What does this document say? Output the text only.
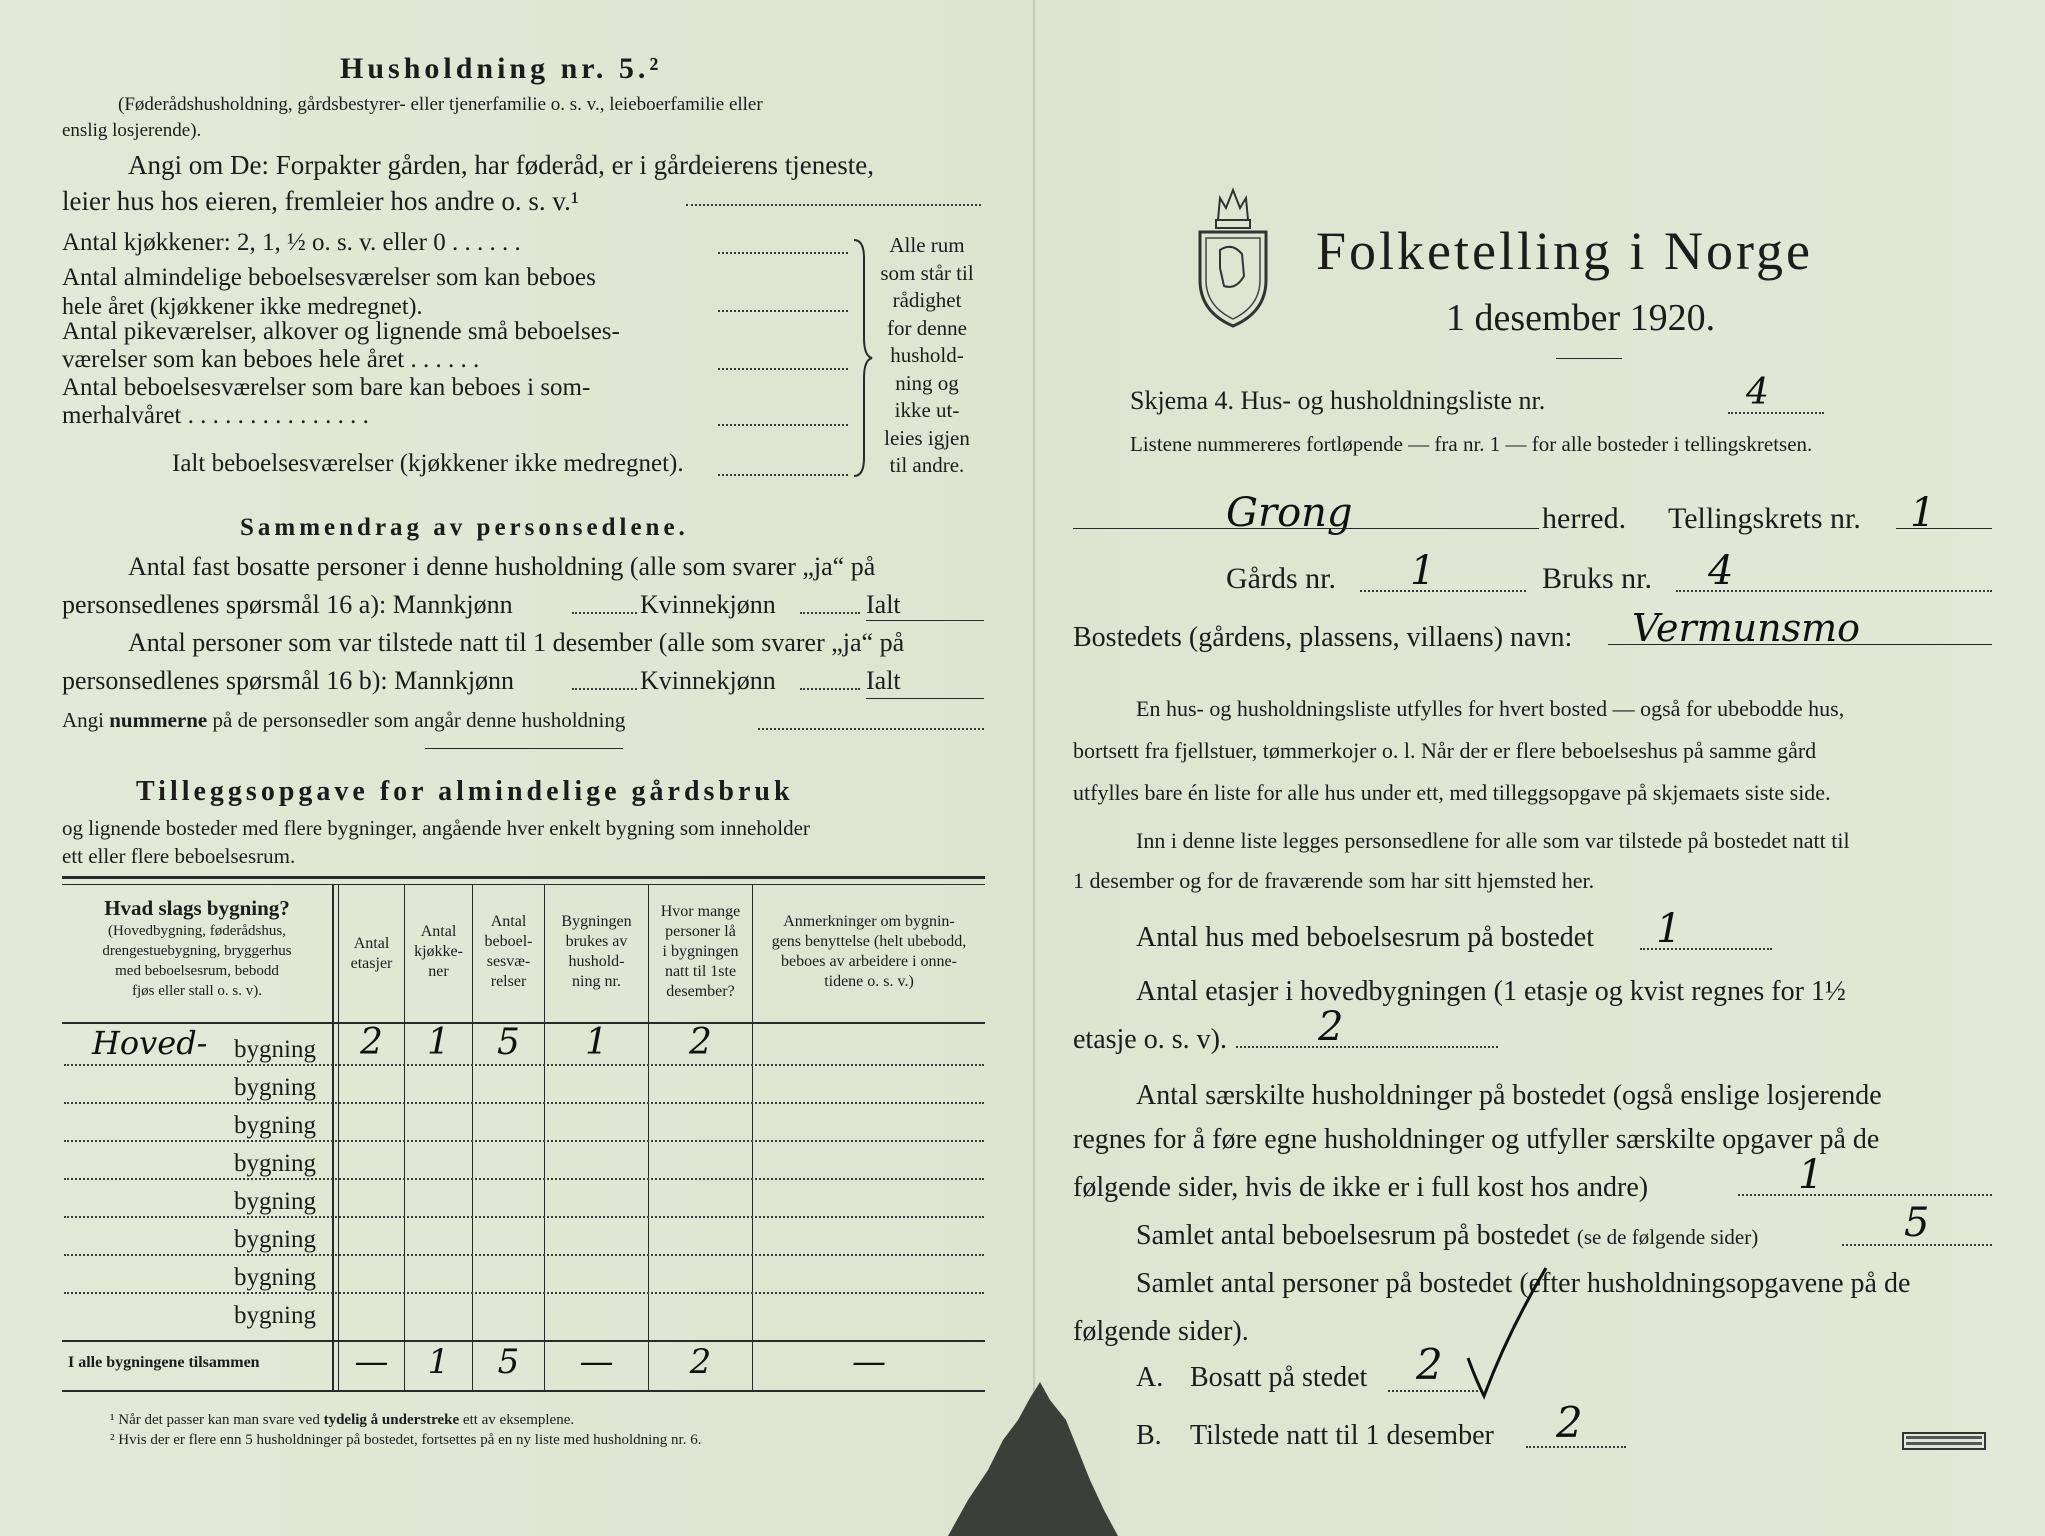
Husholdning nr. 5.²
(Føderådshusholdning, gårdsbestyrer- eller tjenerfamilie o. s. v., leieboerfamilie eller
enslig losjerende).
Angi om De: Forpakter gården, har føderåd, er i gårdeierens tjeneste,
leier hus hos eieren, fremleier hos andre o. s. v.¹
Antal kjøkkener: 2, 1, ½ o. s. v. eller 0 . . . . . .
Antal almindelige beboelsesværelser som kan beboes
hele året (kjøkkener ikke medregnet).
Antal pikeværelser, alkover og lignende små beboelses-
værelser som kan beboes hele året . . . . . .
Antal beboelsesværelser som bare kan beboes i som-
merhalvåret . . . . . . . . . . . . . . .
Ialt beboelsesværelser (kjøkkener ikke medregnet).
Alle rum
som står til
rådighet
for denne
hushold-
ning og
ikke ut-
leies igjen
til andre.
Sammendrag av personsedlene.
Antal fast bosatte personer i denne husholdning (alle som svarer „ja“ på
personsedlenes spørsmål 16 a): Mannkjønn	Kvinnekjønn	Ialt
Antal personer som var tilstede natt til 1 desember (alle som svarer „ja“ på
personsedlenes spørsmål 16 b): Mannkjønn	Kvinnekjønn	Ialt
Angi nummerne på de personsedler som angår denne husholdning
Tilleggsopgave for almindelige gårdsbruk
og lignende bosteder med flere bygninger, angående hver enkelt bygning som inneholder
ett eller flere beboelsesrum.
Hvad slags bygning?
(Hovedbygning, føderådshus,
drengestuebygning, bryggerhus
med beboelsesrum, bebodd
fjøs eller stall o. s. v).
Antal
etasjer
Antal
kjøkke-
ner
Antal
beboel-
sesvæ-
relser
Bygningen
brukes av
hushold-
ning nr.
Hvor mange
personer lå
i bygningen
natt til 1ste
desember?
Anmerkninger om bygnin-
gens benyttelse (helt ubebodd,
beboes av arbeidere i onne-
tidene o. s. v.)
Hoved- bygning	2	1	5	1	2
bygning
bygning
bygning
bygning
bygning
bygning
bygning
I alle bygningene tilsammen	—	1	5	—	2	—
¹ Når det passer kan man svare ved tydelig å understreke ett av eksemplene.
² Hvis der er flere enn 5 husholdninger på bostedet, fortsettes på en ny liste med husholdning nr. 6.
Folketelling i Norge
1 desember 1920.
Skjema 4. Hus- og husholdningsliste nr.	4
Listene nummereres fortløpende — fra nr. 1 — for alle bosteder i tellingskretsen.
Grong	herred. Tellingskrets nr. 1
Gårds nr. 1	Bruks nr. 4
Bostedets (gårdens, plassens, villaens) navn: Vermunsmo
En hus- og husholdningsliste utfylles for hvert bosted — også for ubebodde hus,
bortsett fra fjellstuer, tømmerkojer o. l. Når der er flere beboelseshus på samme gård
utfylles bare én liste for alle hus under ett, med tilleggsopgave på skjemaets siste side.
Inn i denne liste legges personsedlene for alle som var tilstede på bostedet natt til
1 desember og for de fraværende som har sitt hjemsted her.
Antal hus med beboelsesrum på bostedet 1
Antal etasjer i hovedbygningen (1 etasje og kvist regnes for 1½
etasje o. s. v). 2
Antal særskilte husholdninger på bostedet (også enslige losjerende
regnes for å føre egne husholdninger og utfyller særskilte opgaver på de
følgende sider, hvis de ikke er i full kost hos andre)	1
Samlet antal beboelsesrum på bostedet (se de følgende sider)	5
Samlet antal personer på bostedet (efter husholdningsopgavene på de
følgende sider).
A. Bosatt på stedet 2
B. Tilstede natt til 1 desember 2
